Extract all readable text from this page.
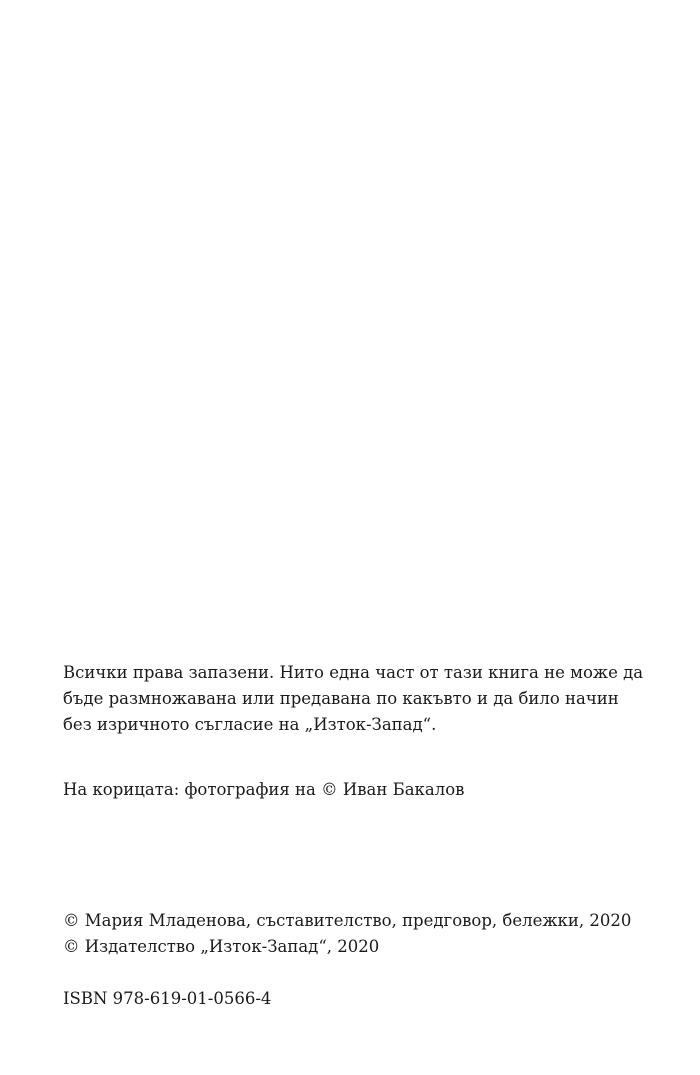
Всички права запазени. Нито една част от тази книга не може да
бъде размножавана или предавана по какъвто и да било начин
без изричното съгласие на „Изток-Запад“.

На корицата: фотография на © Иван Бакалов

© Мария Младенова, съставителство, предговор, бележки, 2020
© Издателство „Изток-Запад“, 2020

ISBN 978-619-01-0566-4
